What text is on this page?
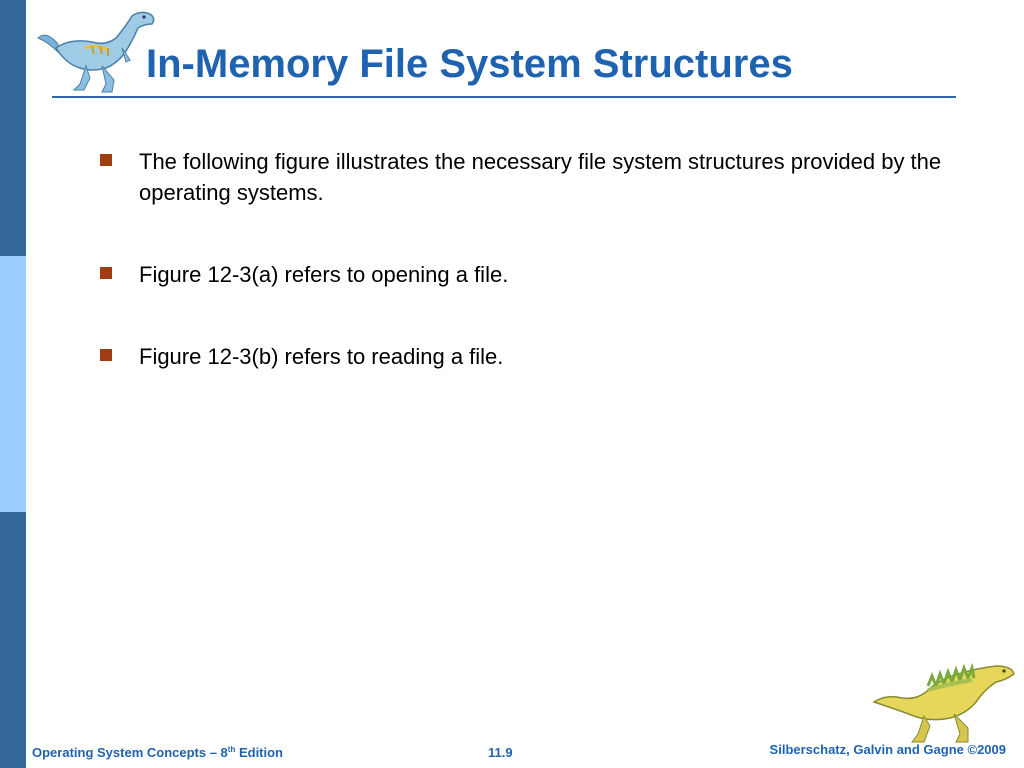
In-Memory File System Structures
The following figure illustrates the necessary file system structures provided by the operating systems.
Figure 12-3(a) refers to opening a file.
Figure 12-3(b) refers to reading a file.
Operating System Concepts – 8th Edition	11.9	Silberschatz, Galvin and Gagne ©2009
